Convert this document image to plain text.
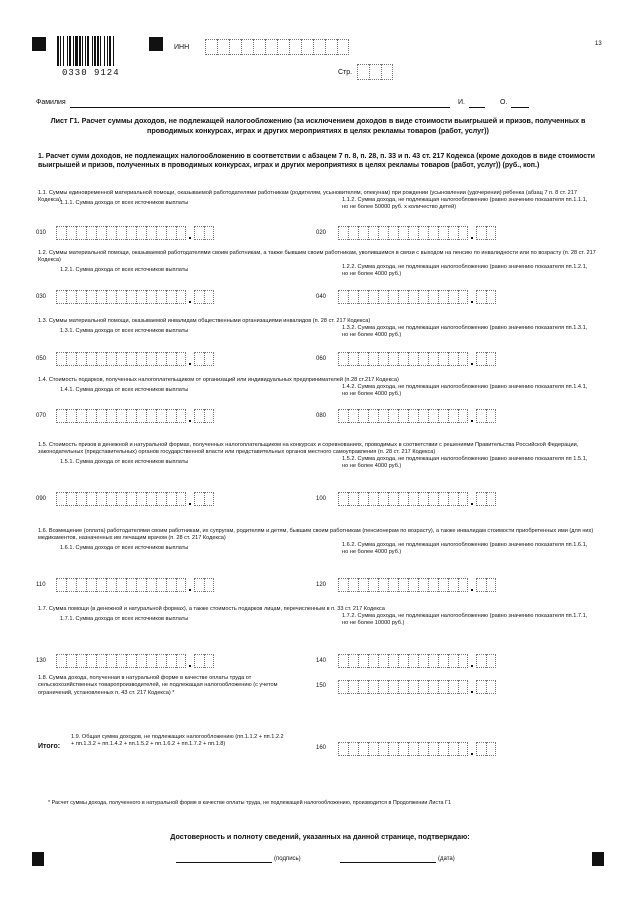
0330 9124
ИНН
Стр.
13
Фамилия	И.	О.
Лист Г1. Расчет суммы доходов, не подлежащей налогообложению (за исключением доходов в виде стоимости выигрышей и призов, полученных в проводимых конкурсах, играх и других мероприятиях в целях рекламы товаров (работ, услуг))
1. Расчет сумм доходов, не подлежащих налогообложению в соответствии с абзацем 7 п. 8, п. 28, п. 33 и п. 43 ст. 217 Кодекса (кроме доходов в виде стоимости выигрышей и призов, полученных в проводимых конкурсах, играх и других мероприятиях в целях рекламы товаров (работ, услуг)) (руб., коп.)
1.1. Суммы единовременной материальной помощи, оказываемой работодателями работникам (родителям, усыновителям, опекунам) при рождении (усыновлении (удочерении) ребенка (абзац 7 п. 8 ст. 217 Кодекса) 1.1.1. Сумма дохода от всех источников выплаты	1.1.2. Сумма дохода, не подлежащая налогообложению (равно значению показателя пп.1.1.1, но не более 50000 руб. х количество детей)
010	020
1.2. Суммы материальной помощи, оказываемой работодателями своим работникам, а также бывшим своим работникам, уволившимся в связи с выходом на пенсию по инвалидности или по возрасту (п. 28 ст. 217 Кодекса)
1.2.1. Сумма дохода от всех источников выплаты	1.2.2. Сумма дохода, не подлежащая налогообложению (равно значению показателя пп.1.2.1, но не более 4000 руб.)
030	040
1.3. Суммы материальной помощи, оказываемой инвалидам общественными организациями инвалидов (п. 28 ст. 217 Кодекса)
1.3.1. Сумма дохода от всех источников выплаты	1.3.2. Сумма дохода, не подлежащая налогообложению (равно значению показателя пп.1.3.1, но не более 4000 руб.)
050	060
1.4. Стоимость подарков, полученных налогоплательщиком от организаций или индивидуальных предпринимателей (п.28 ст.217 Кодекса)
1.4.1. Сумма дохода от всех источников выплаты	1.4.2. Сумма дохода, не подлежащая налогообложению (равно значению показателя пп.1.4.1, но не более 4000 руб.)
070	080
1.5. Стоимость призов в денежной и натуральной формах, полученных налогоплательщиком на конкурсах и соревнованиях, проводимых в соответствии с решениями Правительства Российской Федерации, законодательных (представительных) органов государственной власти или представительных органов местного самоуправления (п. 28 ст. 217 Кодекса)
1.5.1. Сумма дохода от всех источников выплаты	1.5.2. Сумма дохода, не подлежащая налогообложению (равно значению показателя пп 1.5.1, но не более 4000 руб.)
090	100
1.6. Возмещение (оплата) работодателями своим работникам, их супругам, родителям и детям, бывшим своим работникам (пенсионерам по возрасту), а также инвалидам стоимости приобретенных ими (для них) медикаментов, назначенных им лечащим врачом (п. 28 ст. 217 Кодекса)
1.6.1. Сумма дохода от всех источников выплаты	1.6.2. Сумма дохода, не подлежащая налогообложению (равно значению показателя пп.1.6.1, но не более 4000 руб.)
110	120
1.7. Сумма помощи (в денежной и натуральной формах), а также стоимость подарков лицам, перечисленным в п. 33 ст. 217 Кодекса
1.7.1. Сумма дохода от всех источников выплаты	1.7.2. Сумма дохода, не подлежащая налогообложению (равно значению показателя пп.1.7.1, но не более 10000 руб.)
130	140
1.8. Сумма дохода, полученная в натуральной форме в качестве оплаты труда от сельскохозяйственных товаропроизводителей, не подлежащая налогообложению (с учетом ограничений, установленных п. 43 ст. 217 Кодекса) *
150
Итого:
1.9. Общая сумма доходов, не подлежащих налогообложению (пп.1.1.2 + пп.1.2.2 + пп.1.3.2 + пп.1.4.2 + пп.1.5.2 + пп.1.6.2 + пп.1.7.2 + пп.1.8)
160
* Расчет суммы дохода, полученного в натуральной форме в качестве оплаты труда, не подлежащей налогообложению, производится в Продолжении Листа Г1
Достоверность и полноту сведений, указанных на данной странице, подтверждаю:
(подпись)	(дата)
